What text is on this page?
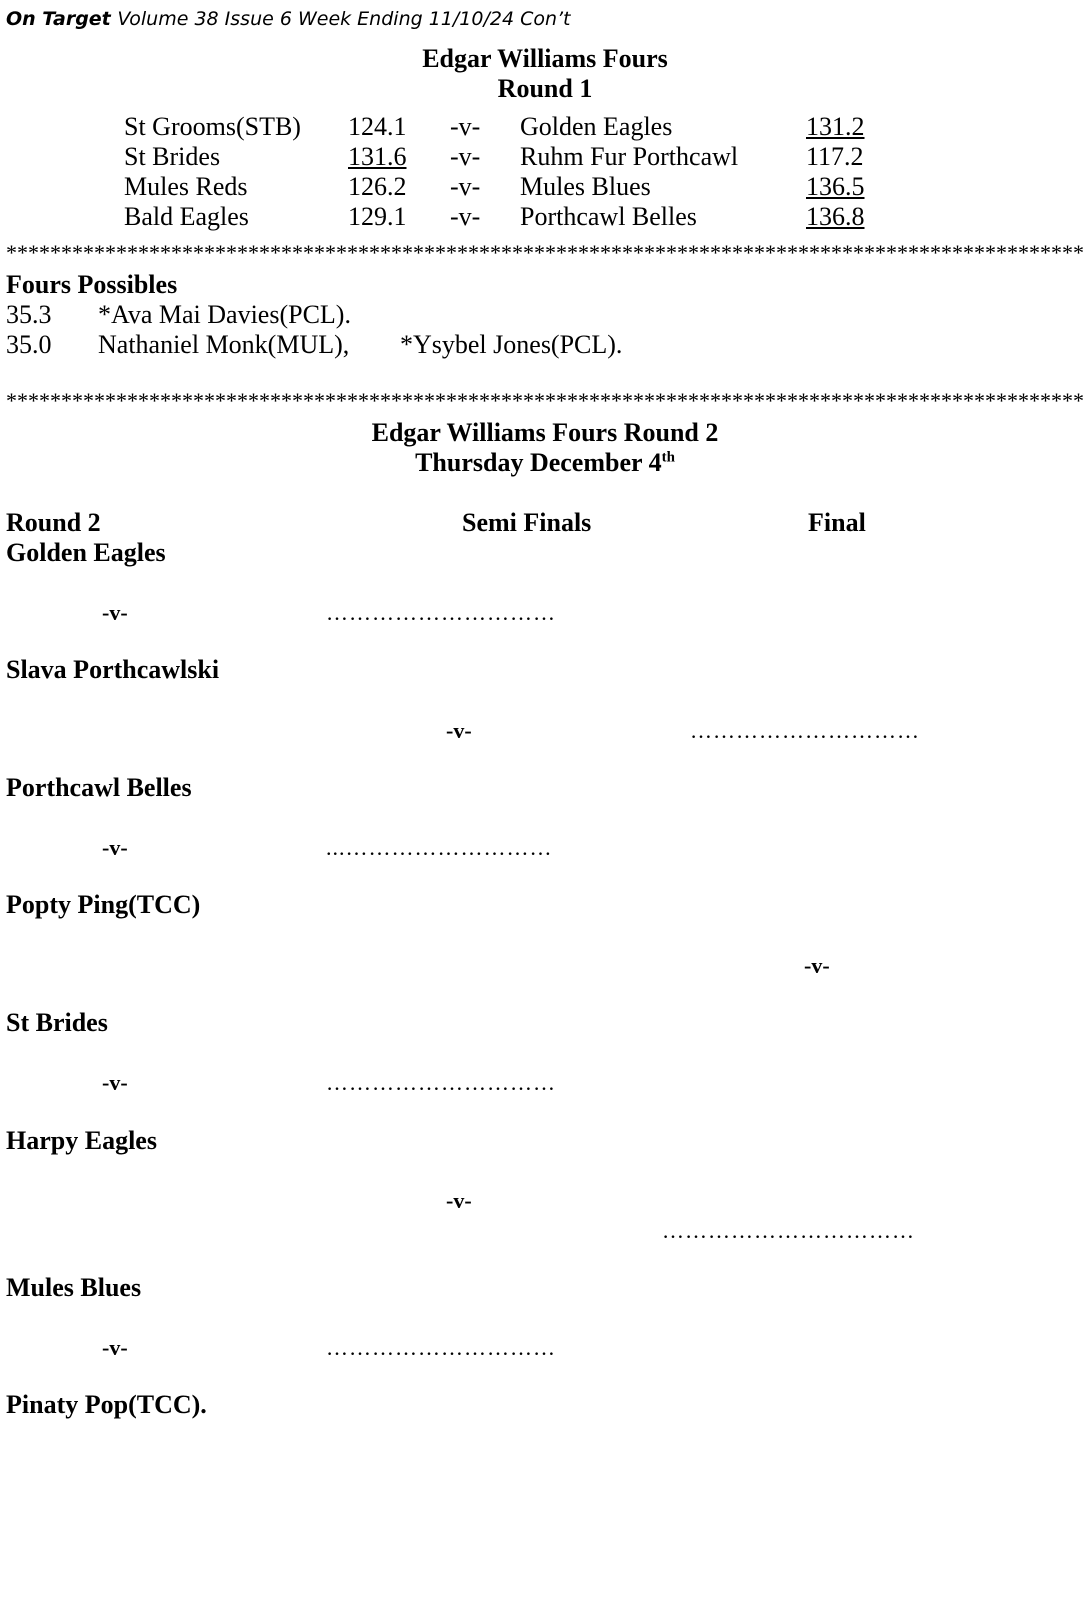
On Target Volume 38 Issue 6 Week Ending 11/10/24 Con’t
Edgar Williams Fours
Round 1
St Grooms(STB) 124.1 -v- Golden Eagles	131.2
St Brides	131.6 -v- Ruhm Fur Porthcawl	117.2
Mules Reds	126.2 -v- Mules Blues	136.5
Bald Eagles	129.1 -v- Porthcawl Belles	136.8
**************************************************************************************************
Fours Possibles
35.3 *Ava Mai Davies(PCL).
35.0 Nathaniel Monk(MUL), *Ysybel Jones(PCL).
**************************************************************************************************
Edgar Williams Fours Round 2
Thursday December 4th
Round 2	Semi Finals	Final
Golden Eagles
Slava Porthcawlski
Porthcawl Belles
Popty Ping(TCC)
St Brides
Harpy Eagles
Mules Blues
Pinaty Pop(TCC).
-v-	…………………………
-v-	…………………………
-v-	...………………………
-v-
-v-	…………………………
-v-
……………………………
-v-	…………………………
